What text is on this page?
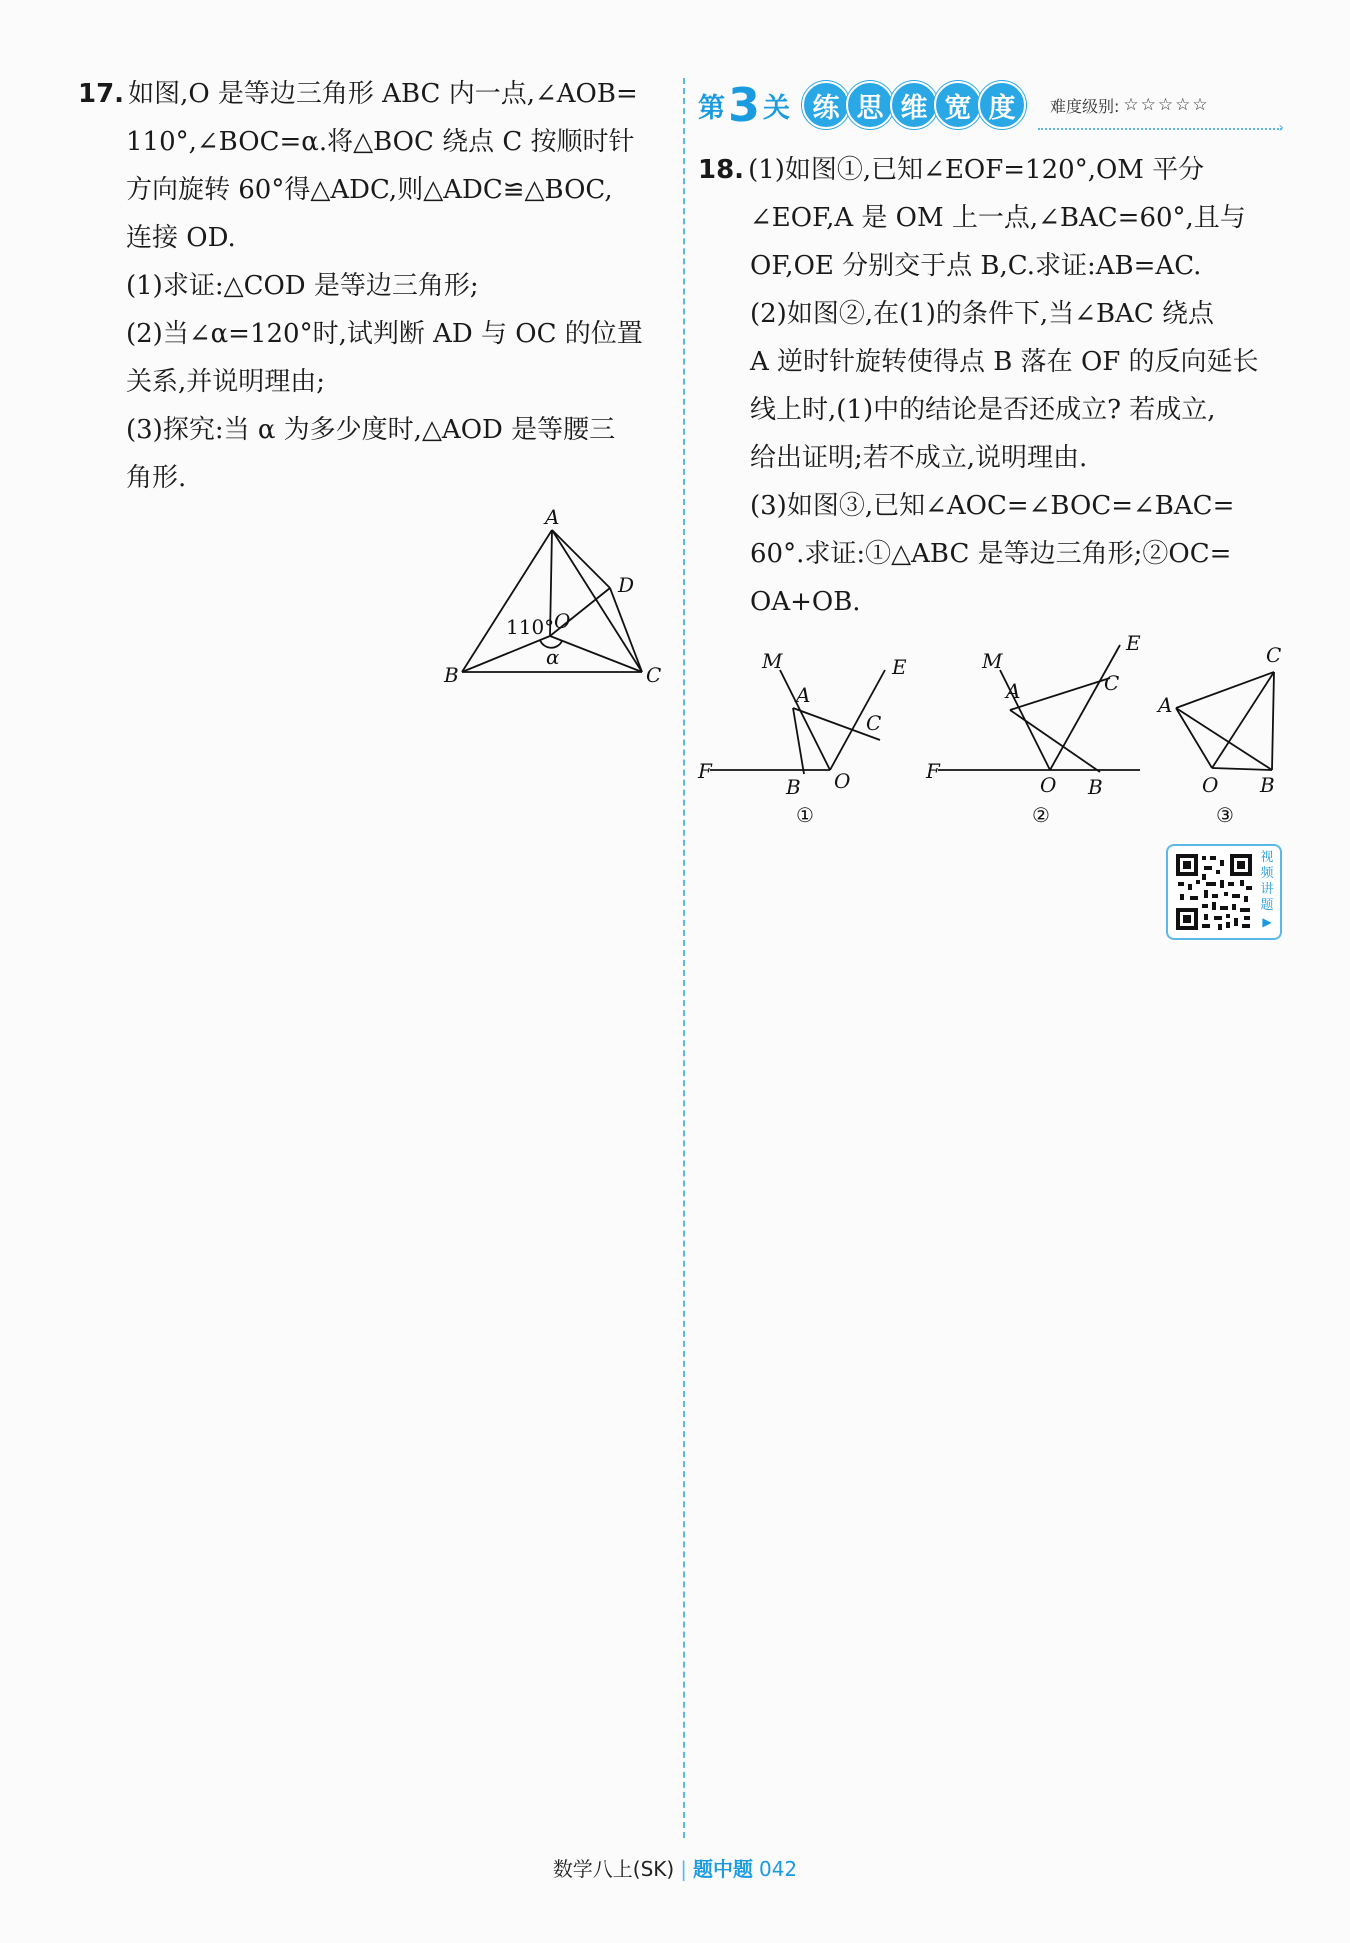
17. 如图,O 是等边三角形 ABC 内一点,∠AOB=
110°,∠BOC=α.将△BOC 绕点 C 按顺时针
方向旋转 60°得△ADC,则△ADC≌△BOC,
连接 OD.
(1)求证:△COD 是等边三角形;
(2)当∠α=120°时,试判断 AD 与 OC 的位置
关系,并说明理由;
(3)探究:当 α 为多少度时,△AOD 是等腰三
角形.
A
B	C
D
O
110°
α
第 3 关 练 思 维 宽 度	难度级别: ☆☆☆☆☆
›
18. (1)如图①,已知∠EOF=120°,OM 平分
∠EOF,A 是 OM 上一点,∠BAC=60°,且与
OF,OE 分别交于点 B,C.求证:AB=AC.
(2)如图②,在(1)的条件下,当∠BAC 绕点
A 逆时针旋转使得点 B 落在 OF 的反向延长
线上时,(1)中的结论是否还成立? 若成立,
给出证明;若不成立,说明理由.
(3)如图③,已知∠AOC=∠BOC=∠BAC=
60°.求证:①△ABC 是等边三角形;②OC=
OA+OB.
M
A
E
C
F
B O
①
M
E
A	C
F
O B
②
C
A
O B
③
视
频
讲
题
▶
数学八上(SK) | 题中题 042
